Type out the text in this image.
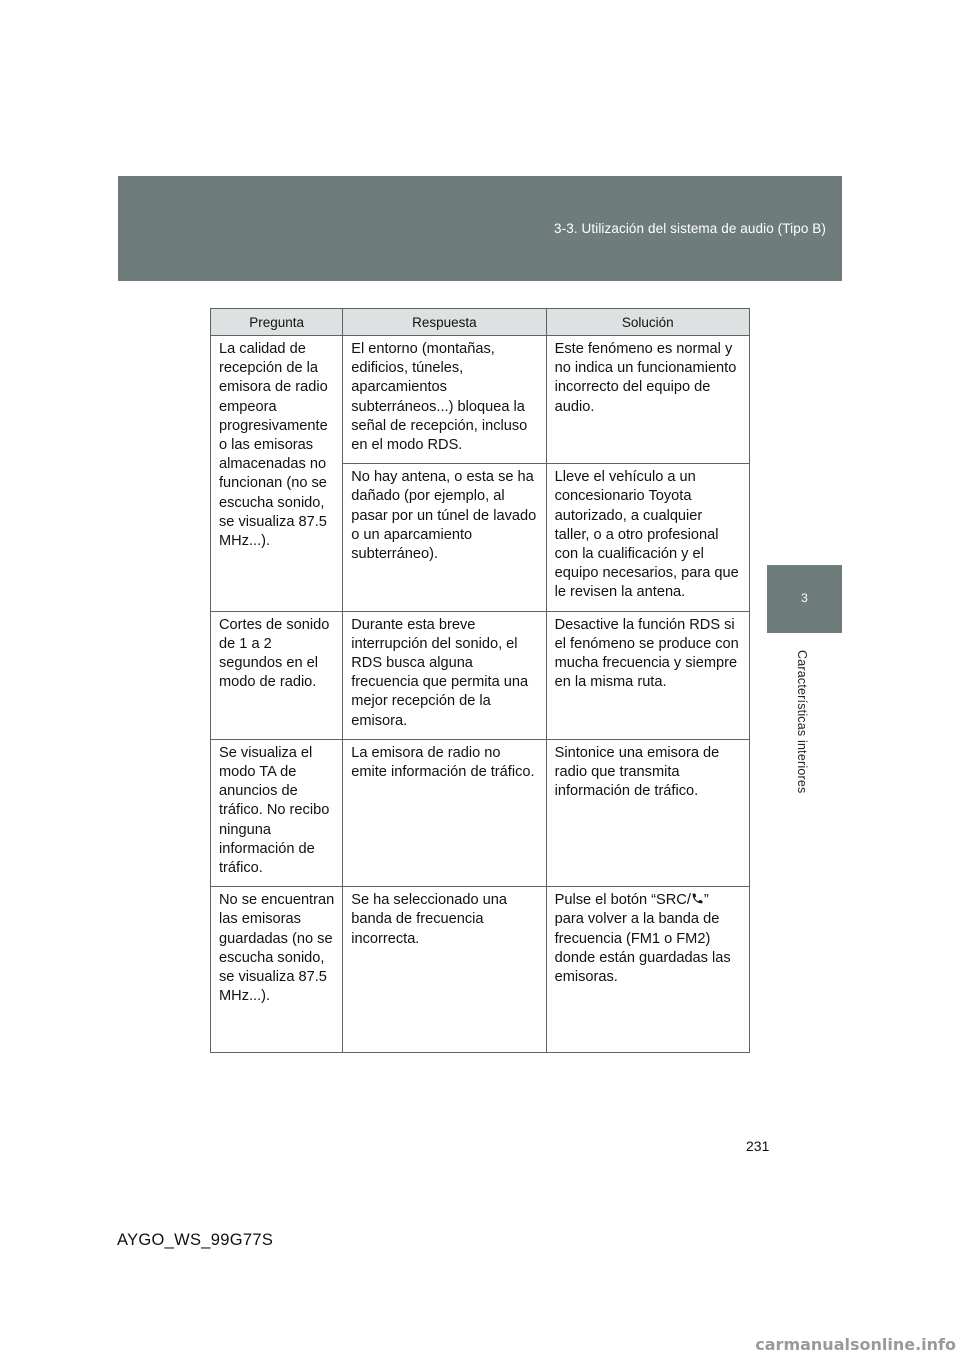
3-3. Utilización del sistema de audio (Tipo B)
3
Características interiores
Pregunta	Respuesta	Solución
La calidad de recepción de la emisora de radio empeora progresivamente o las emisoras almacenadas no funcionan (no se escucha sonido, se visualiza 87.5 MHz...).	El entorno (montañas, edificios, túneles, aparcamientos subterráneos...) bloquea la señal de recepción, incluso en el modo RDS.	Este fenómeno es normal y no indica un funcionamiento incorrecto del equipo de audio.
	No hay antena, o esta se ha dañado (por ejemplo, al pasar por un túnel de lavado o un aparcamiento subterráneo).	Lleve el vehículo a un concesionario Toyota autorizado, a cualquier taller, o a otro profesional con la cualificación y el equipo necesarios, para que le revisen la antena.
Cortes de sonido de 1 a 2 segundos en el modo de radio.	Durante esta breve interrupción del sonido, el RDS busca alguna frecuencia que permita una mejor recepción de la emisora.	Desactive la función RDS si el fenómeno se produce con mucha frecuencia y siempre en la misma ruta.
Se visualiza el modo TA de anuncios de tráfico. No recibo ninguna información de tráfico.	La emisora de radio no emite información de tráfico.	Sintonice una emisora de radio que transmita información de tráfico.
No se encuentran las emisoras guardadas (no se escucha sonido, se visualiza 87.5 MHz...).	Se ha seleccionado una banda de frecuencia incorrecta.	Pulse el botón “SRC/ ” para volver a la banda de frecuencia (FM1 o FM2) donde están guardadas las emisoras.
231
AYGO_WS_99G77S
carmanualsonline.info
